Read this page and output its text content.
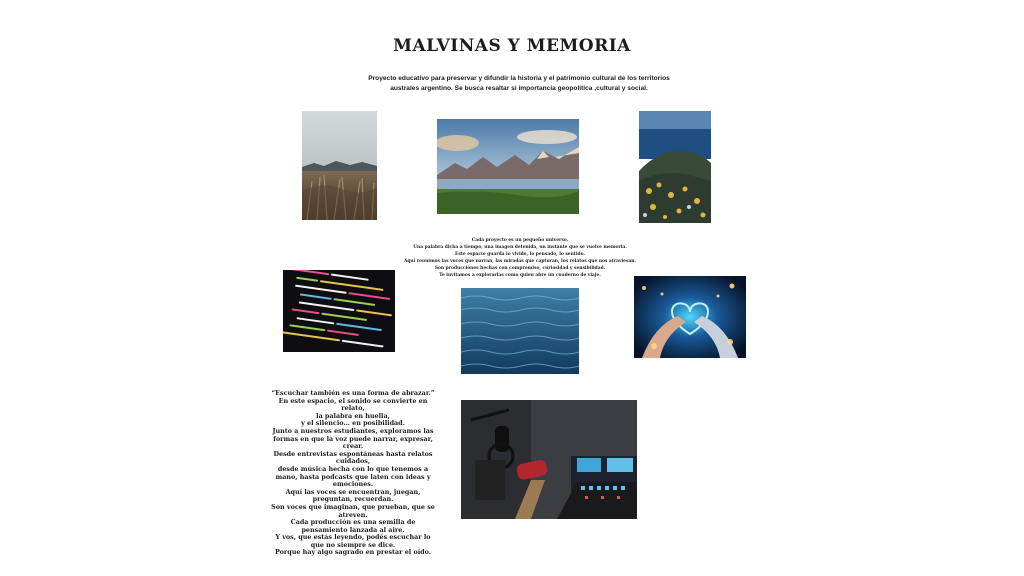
MALVINAS Y MEMORIA
Proyecto educativo para preservar y difundir la historia y el patrimonio cultural de los territorios australes argentino. Se busca resaltar si importancia geopolítica ,cultural y social.
Cada proyecto es un pequeño universo.
Una palabra dicha a tiempo, una imagen detenida, un instante que se vuelve memoria.
Este espacio guarda lo vivido, lo pensado, lo sentido.
Aquí reunimos las voces que narran, las miradas que capturan, los relatos que nos atraviesan.
Son producciones hechas con compromiso, curiosidad y sensibilidad.
Te invitamos a explorarlas como quien abre un cuaderno de viaje.
“Escuchar también es una forma de abrazar.”
En este espacio, el sonido se convierte en relato,
la palabra en huella,
y el silencio… en posibilidad.
Junto a nuestros estudiantes, exploramos las formas en que la voz puede narrar, expresar, crear.
Desde entrevistas espontáneas hasta relatos cuidados,
desde música hecha con lo que tenemos a mano, hasta podcasts que laten con ideas y emociones.
Aquí las voces se encuentran, juegan, preguntan, recuerdan.
Son voces que imaginan, que prueban, que se atreven.
Cada producción es una semilla de pensamiento lanzada al aire.
Y vos, que estás leyendo, podés escuchar lo que no siempre se dice.
Porque hay algo sagrado en prestar el oído.
